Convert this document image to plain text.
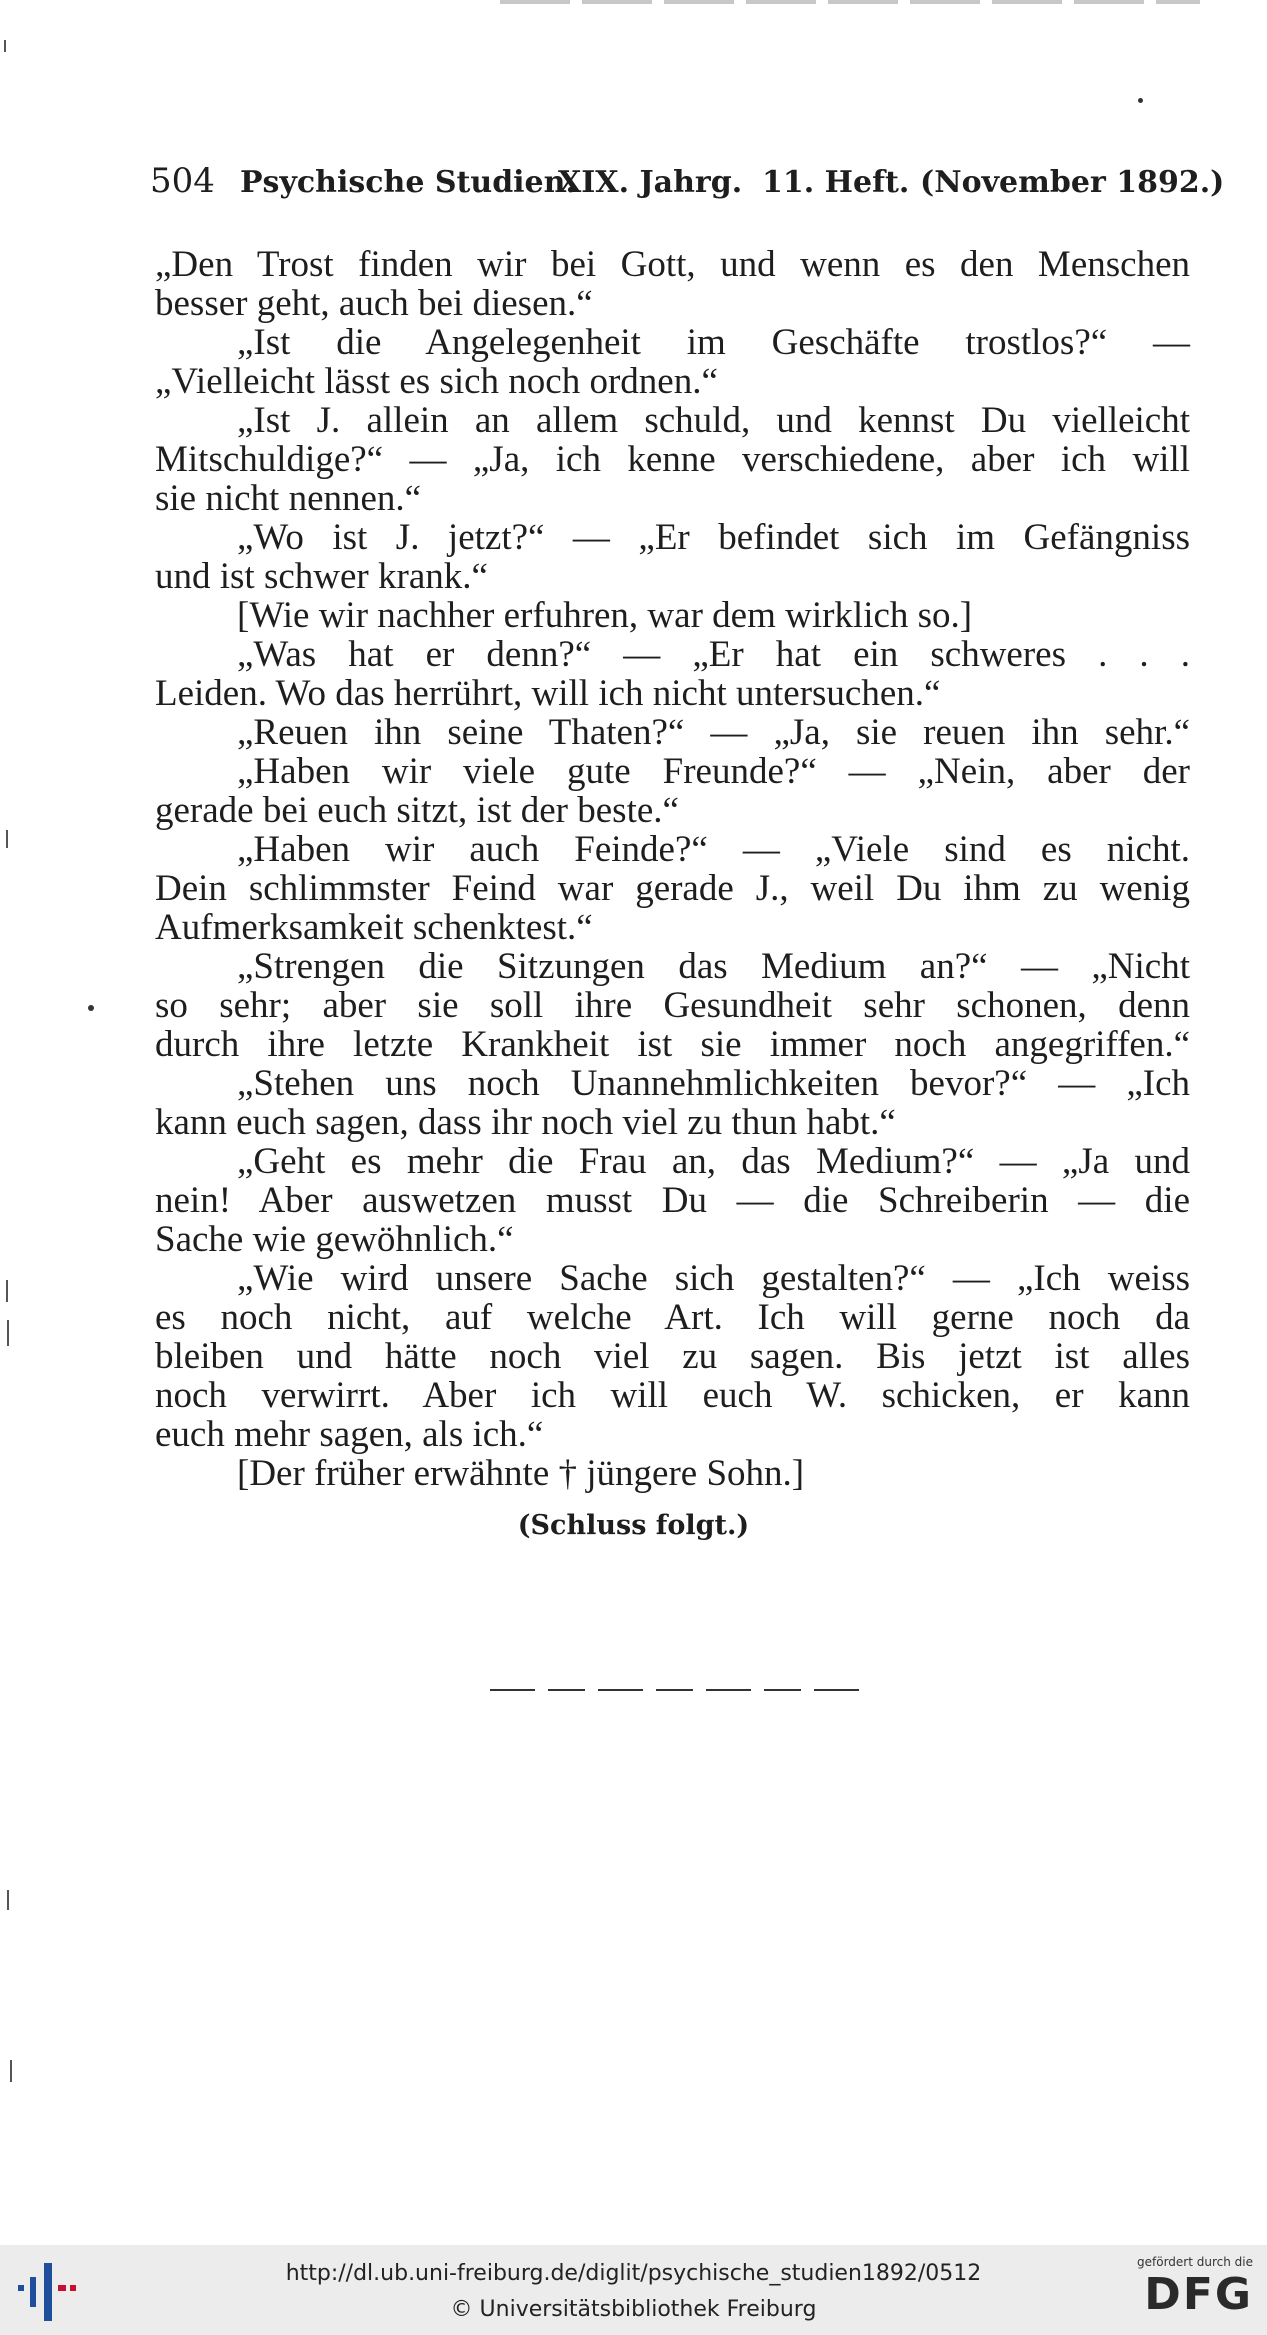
504 Psychische Studien.
XIX. Jahrg. 11. Heft. (November 1892.)
„Den Trost finden wir bei Gott, und wenn es den Menschen
besser geht, auch bei diesen.“
„Ist die Angelegenheit im Geschäfte trostlos?“ —
„Vielleicht lässt es sich noch ordnen.“
„Ist J. allein an allem schuld, und kennst Du vielleicht
Mitschuldige?“ — „Ja, ich kenne verschiedene, aber ich will
sie nicht nennen.“
„Wo ist J. jetzt?“ — „Er befindet sich im Gefängniss
und ist schwer krank.“
[Wie wir nachher erfuhren, war dem wirklich so.]
„Was hat er denn?“ — „Er hat ein schweres . . .
Leiden. Wo das herrührt, will ich nicht untersuchen.“
„Reuen ihn seine Thaten?“ — „Ja, sie reuen ihn sehr.“
„Haben wir viele gute Freunde?“ — „Nein, aber der
gerade bei euch sitzt, ist der beste.“
„Haben wir auch Feinde?“ — „Viele sind es nicht.
Dein schlimmster Feind war gerade J., weil Du ihm zu wenig
Aufmerksamkeit schenktest.“
„Strengen die Sitzungen das Medium an?“ — „Nicht
so sehr; aber sie soll ihre Gesundheit sehr schonen, denn
durch ihre letzte Krankheit ist sie immer noch angegriffen.“
„Stehen uns noch Unannehmlichkeiten bevor?“ — „Ich
kann euch sagen, dass ihr noch viel zu thun habt.“
„Geht es mehr die Frau an, das Medium?“ — „Ja und
nein! Aber auswetzen musst Du — die Schreiberin — die
Sache wie gewöhnlich.“
„Wie wird unsere Sache sich gestalten?“ — „Ich weiss
es noch nicht, auf welche Art. Ich will gerne noch da
bleiben und hätte noch viel zu sagen. Bis jetzt ist alles
noch verwirrt. Aber ich will euch W. schicken, er kann
euch mehr sagen, als ich.“
[Der früher erwähnte † jüngere Sohn.]
(Schluss folgt.)
http://dl.ub.uni-freiburg.de/diglit/psychische_studien1892/0512
© Universitätsbibliothek Freiburg
gefördert durch die
DFG
